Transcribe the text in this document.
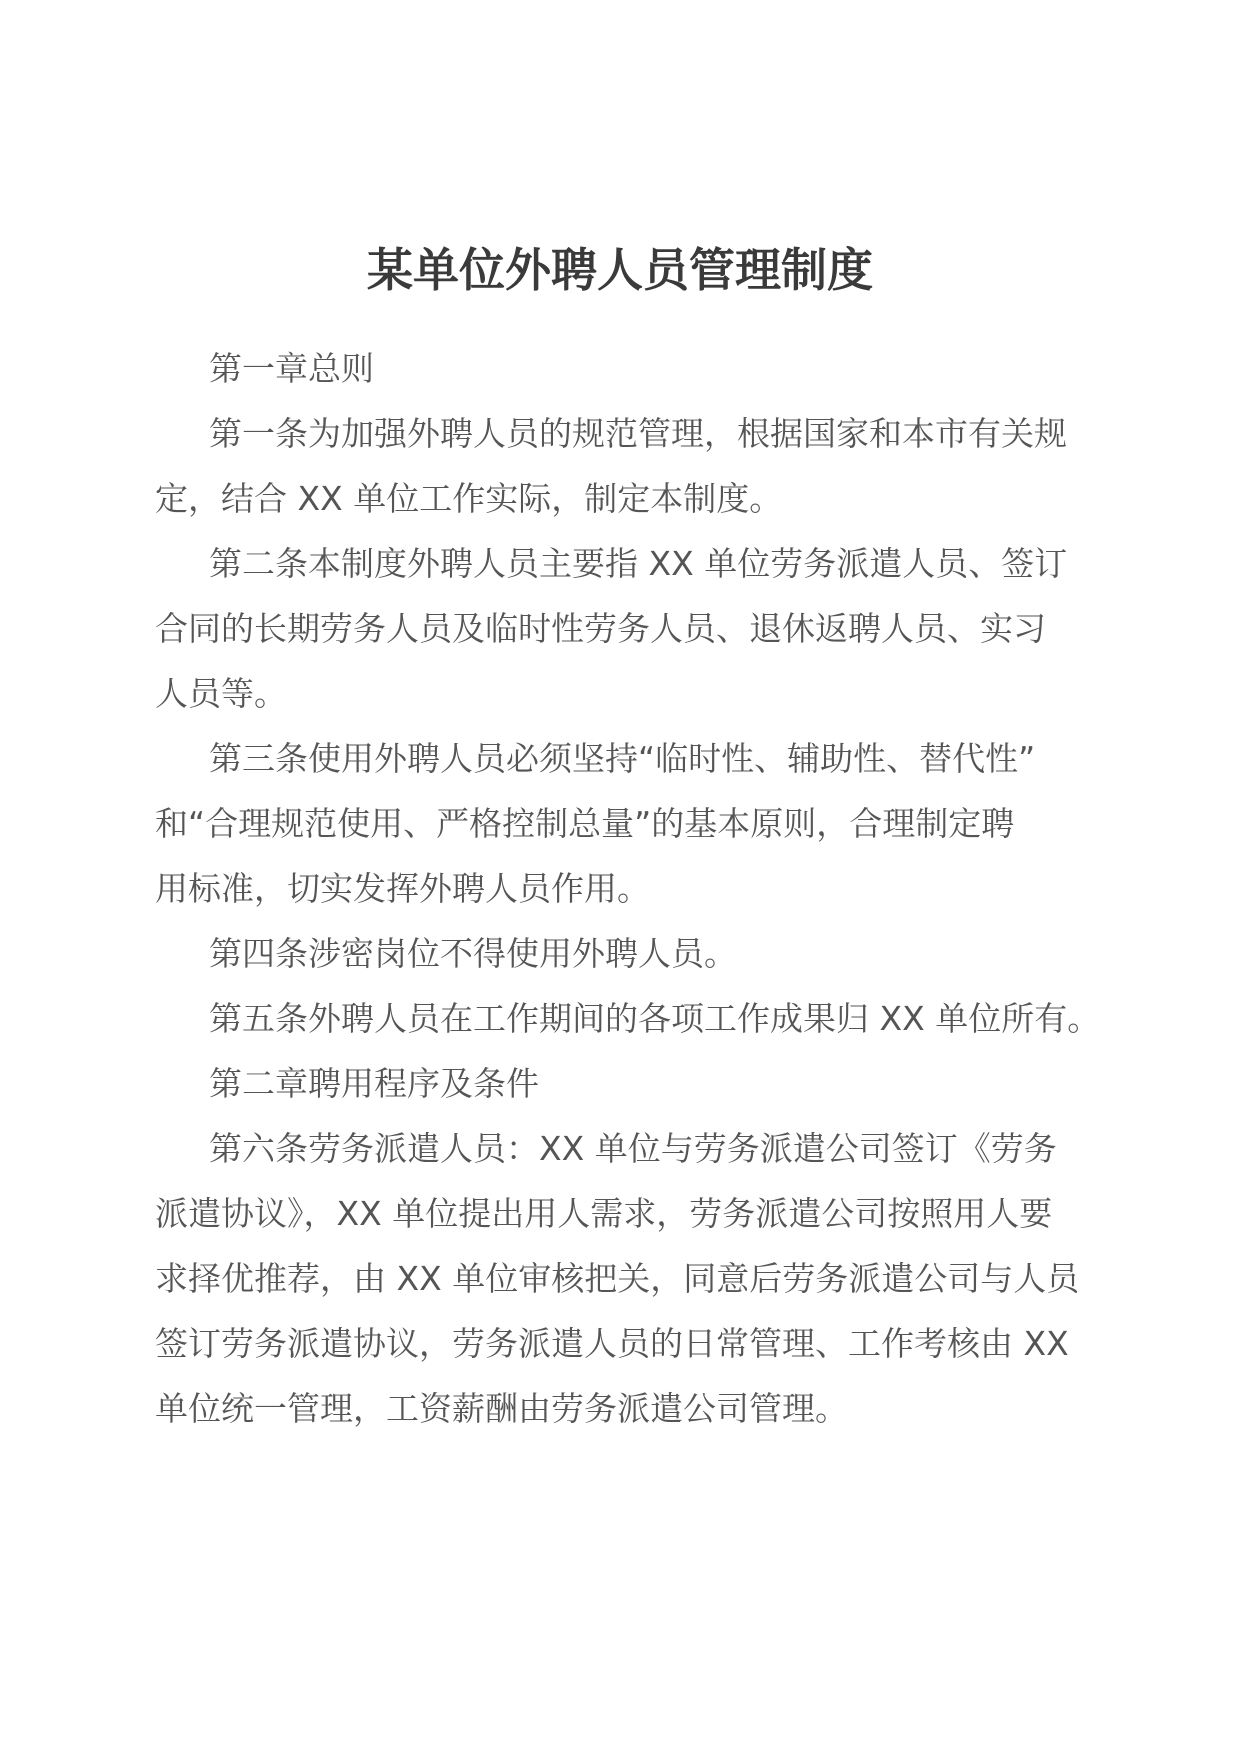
某单位外聘人员管理制度
第一章总则
第一条为加强外聘人员的规范管理，根据国家和本市有关规
定，结合 XX 单位工作实际，制定本制度。
第二条本制度外聘人员主要指 XX 单位劳务派遣人员、签订
合同的长期劳务人员及临时性劳务人员、退休返聘人员、实习
人员等。
第三条使用外聘人员必须坚持“临时性、辅助性、替代性”
和“合理规范使用、严格控制总量”的基本原则，合理制定聘
用标准，切实发挥外聘人员作用。
第四条涉密岗位不得使用外聘人员。
第五条外聘人员在工作期间的各项工作成果归 XX 单位所有。
第二章聘用程序及条件
第六条劳务派遣人员：XX 单位与劳务派遣公司签订《劳务
派遣协议》，XX 单位提出用人需求，劳务派遣公司按照用人要
求择优推荐，由 XX 单位审核把关，同意后劳务派遣公司与人员
签订劳务派遣协议，劳务派遣人员的日常管理、工作考核由 XX
单位统一管理，工资薪酬由劳务派遣公司管理。
